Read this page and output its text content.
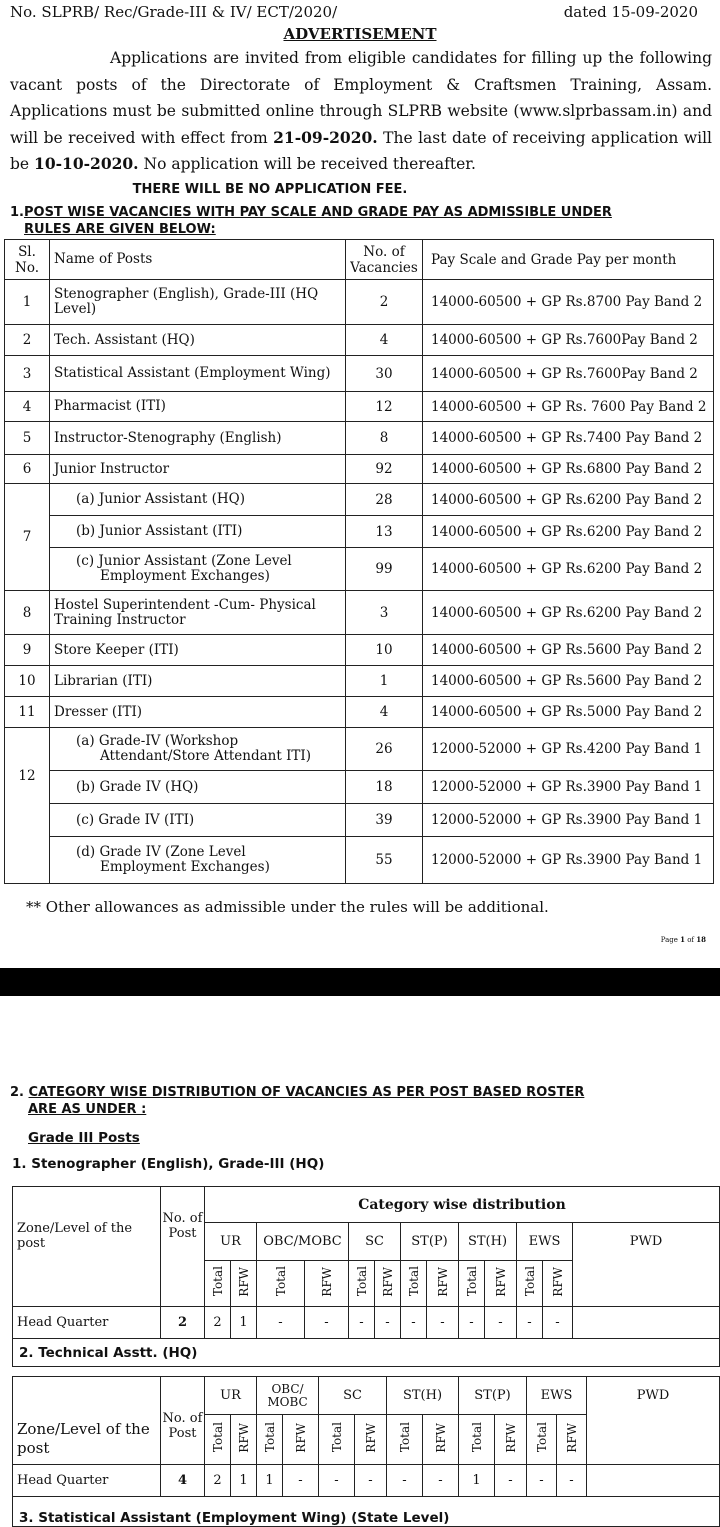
No. SLPRB/ Rec/Grade-III & IV/ ECT/2020/	dated 15-09-2020
ADVERTISEMENT
Applications are invited from eligible candidates for filling up the following vacant posts of the Directorate of Employment & Craftsmen Training, Assam. Applications must be submitted online through SLPRB website (www.slprbassam.in) and will be received with effect from 21-09-2020. The last date of receiving application will be 10-10-2020. No application will be received thereafter.
THERE WILL BE NO APPLICATION FEE.
1.POST WISE VACANCIES WITH PAY SCALE AND GRADE PAY AS ADMISSIBLE UNDER
RULES ARE GIVEN BELOW:
Sl. No.	Name of Posts	No. of Vacancies	Pay Scale and Grade Pay per month
1	Stenographer (English), Grade-III (HQ Level)	2	14000-60500 + GP Rs.8700 Pay Band 2
2	Tech. Assistant (HQ)	4	14000-60500 + GP Rs.7600Pay Band 2
3	Statistical Assistant (Employment Wing)	30	14000-60500 + GP Rs.7600Pay Band 2
4	Pharmacist (ITI)	12	14000-60500 + GP Rs. 7600 Pay Band 2
5	Instructor-Stenography (English)	8	14000-60500 + GP Rs.7400 Pay Band 2
6	Junior Instructor	92	14000-60500 + GP Rs.6800 Pay Band 2
7	(a) Junior Assistant (HQ)	28	14000-60500 + GP Rs.6200 Pay Band 2
	(b) Junior Assistant (ITI)	13	14000-60500 + GP Rs.6200 Pay Band 2
	(c) Junior Assistant (Zone Level
Employment Exchanges)	99	14000-60500 + GP Rs.6200 Pay Band 2
8	Hostel Superintendent -Cum- Physical Training Instructor	3	14000-60500 + GP Rs.6200 Pay Band 2
9	Store Keeper (ITI)	10	14000-60500 + GP Rs.5600 Pay Band 2
10	Librarian (ITI)	1	14000-60500 + GP Rs.5600 Pay Band 2
11	Dresser (ITI)	4	14000-60500 + GP Rs.5000 Pay Band 2
12	(a) Grade-IV (Workshop
Attendant/Store Attendant ITI)	26	12000-52000 + GP Rs.4200 Pay Band 1
	(b) Grade IV (HQ)	18	12000-52000 + GP Rs.3900 Pay Band 1
	(c) Grade IV (ITI)	39	12000-52000 + GP Rs.3900 Pay Band 1
	(d) Grade IV (Zone Level
Employment Exchanges)	55	12000-52000 + GP Rs.3900 Pay Band 1
** Other allowances as admissible under the rules will be additional.
Page 1 of 18
2. CATEGORY WISE DISTRIBUTION OF VACANCIES AS PER POST BASED ROSTER
ARE AS UNDER :
Grade III Posts
1. Stenographer (English), Grade-III (HQ)
Zone/Level of the post	No. of Post	Category wise distribution												
		UR		OBC/MOBC		SC		ST(P)		ST(H)		EWS		PWD
		Total	RFW	Total	RFW	Total	RFW	Total	RFW	Total	RFW	Total	RFW	
Head Quarter	2	2	1	-	-	-	-	-	-	-	-	-	-	
2. Technical Asstt. (HQ)														
Zone/Level of the post	No. of Post	UR		OBC/ MOBC		SC		ST(H)		ST(P)		EWS		PWD
		Total	RFW	Total	RFW	Total	RFW	Total	RFW	Total	RFW	Total	RFW	
Head Quarter	4	2	1	1	-	-	-	-	-	1	-	-	-	
3. Statistical Assistant (Employment Wing) (State Level)														
